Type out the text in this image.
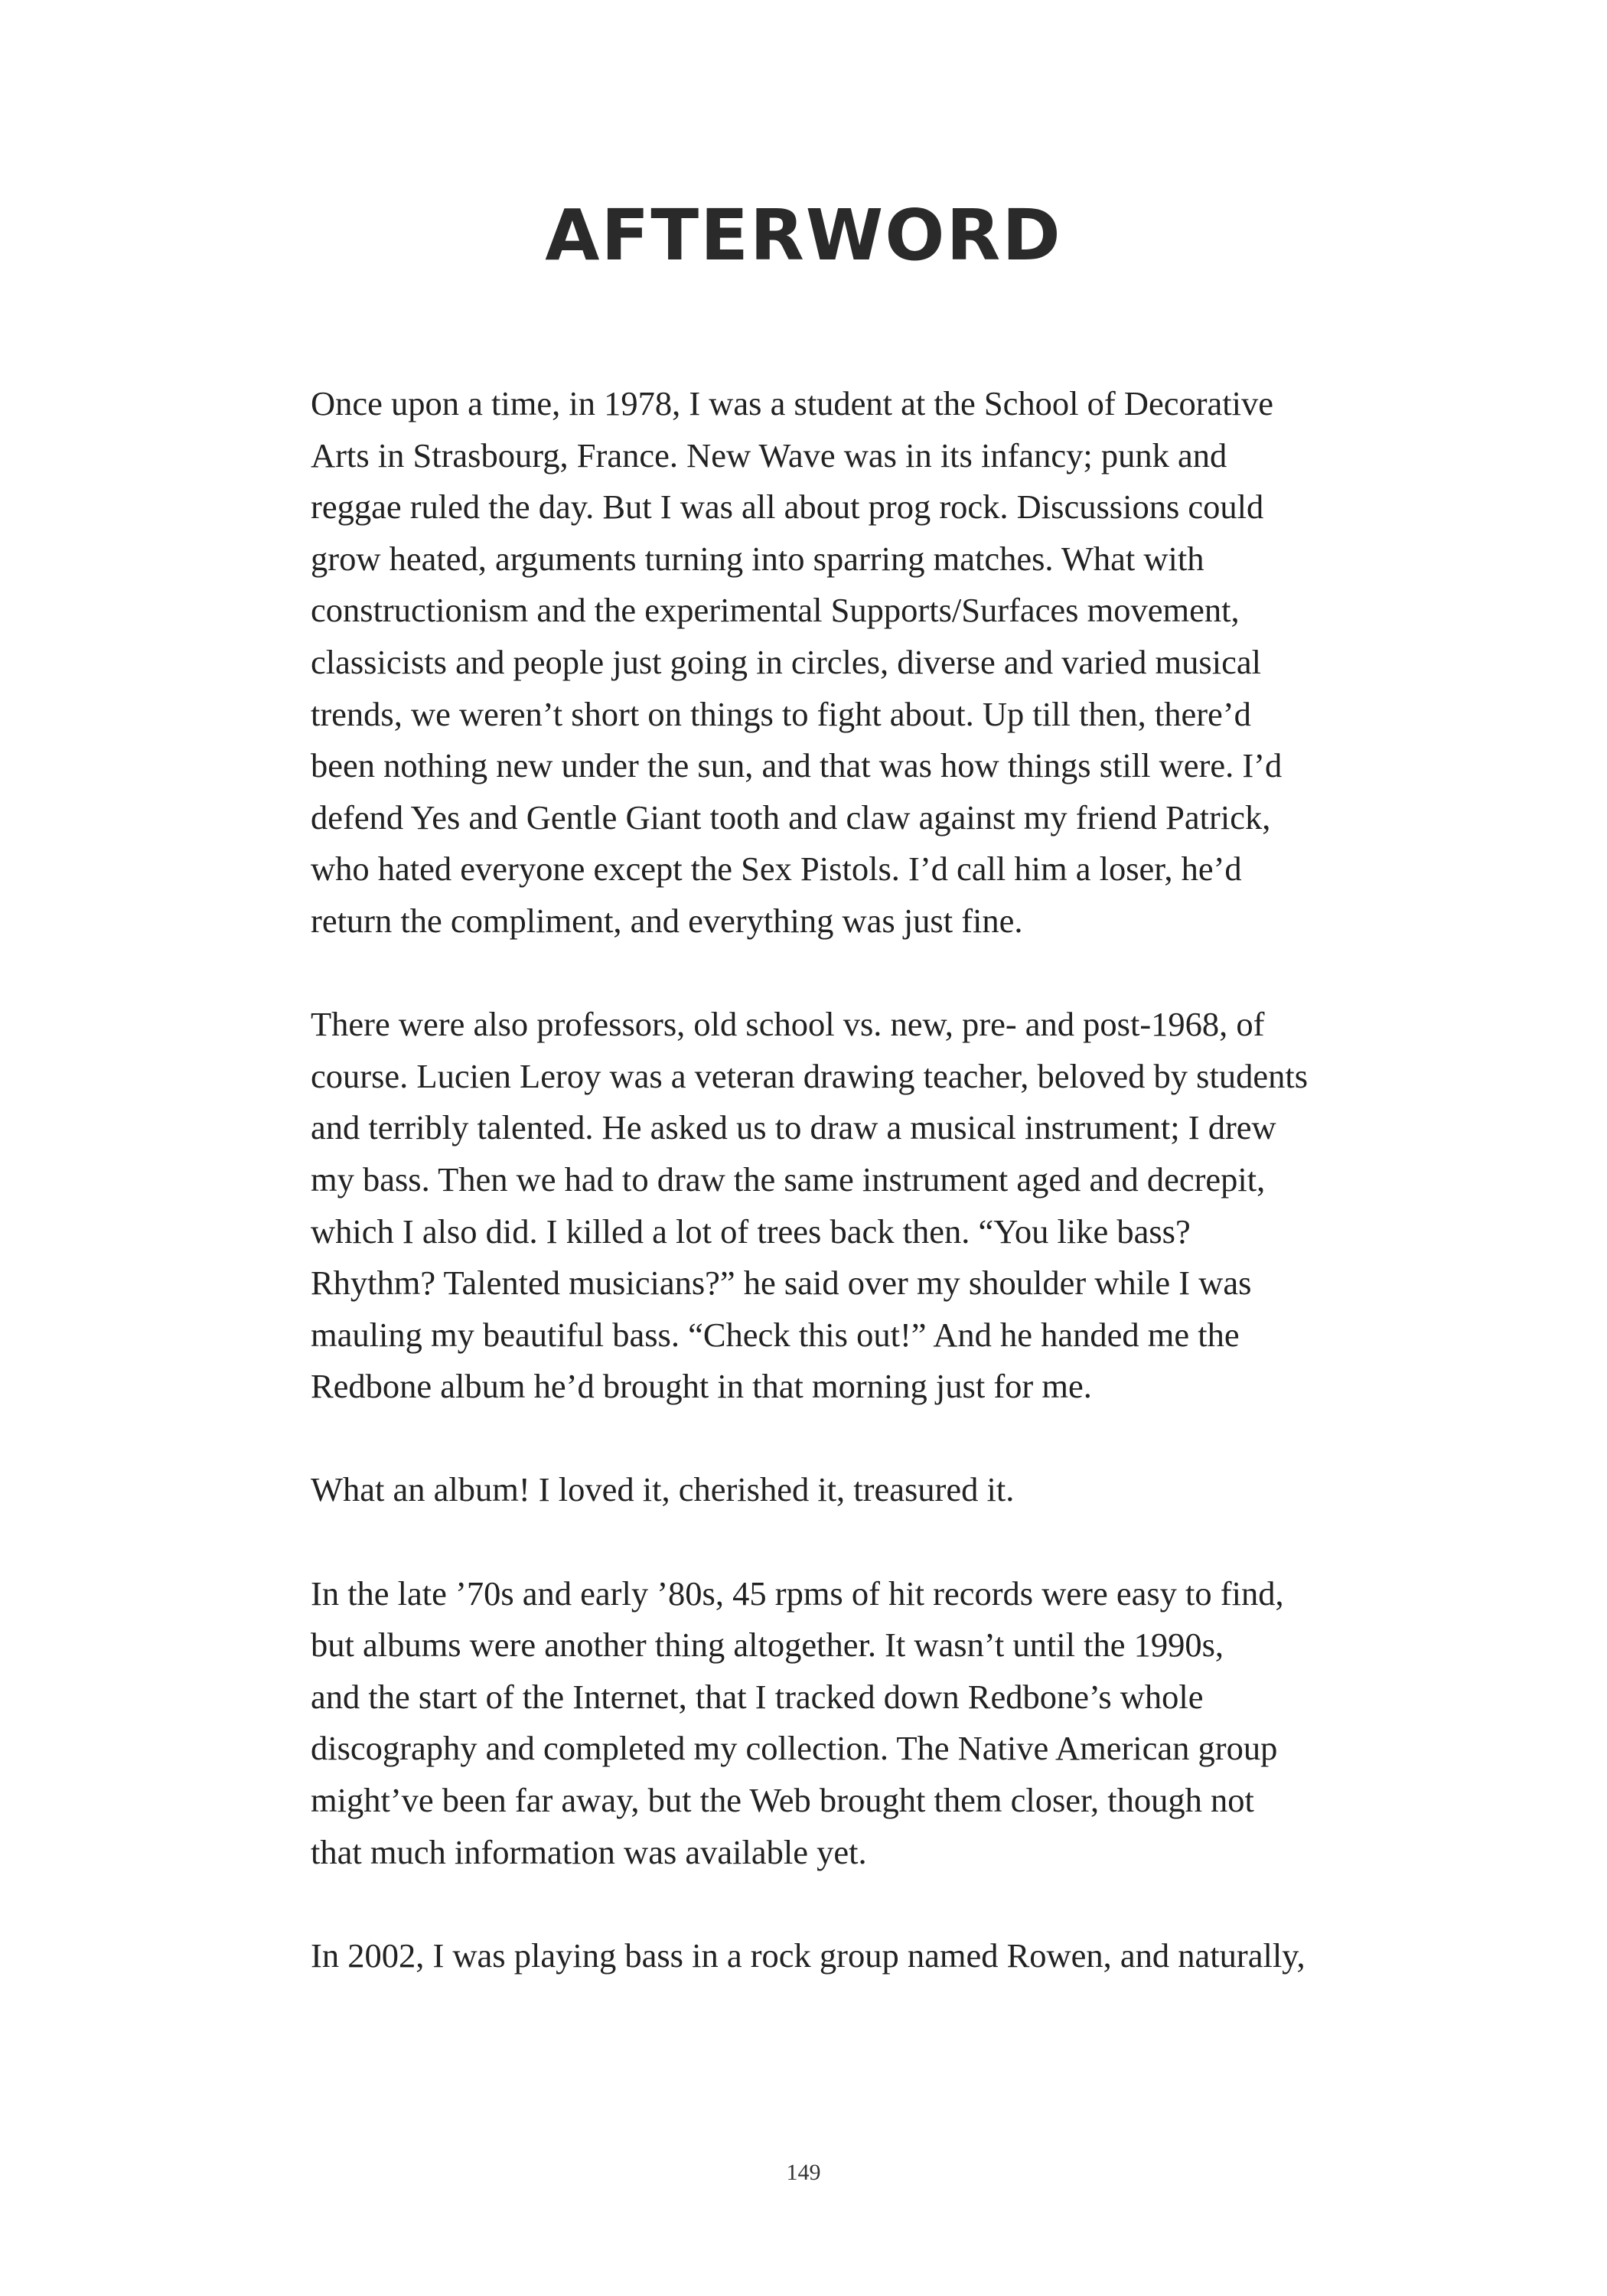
AFTERWORD
Once upon a time, in 1978, I was a student at the School of Decorative
Arts in Strasbourg, France. New Wave was in its infancy; punk and
reggae ruled the day. But I was all about prog rock. Discussions could
grow heated, arguments turning into sparring matches. What with
constructionism and the experimental Supports/Surfaces movement,
classicists and people just going in circles, diverse and varied musical
trends, we weren’t short on things to fight about. Up till then, there’d
been nothing new under the sun, and that was how things still were. I’d
defend Yes and Gentle Giant tooth and claw against my friend Patrick,
who hated everyone except the Sex Pistols. I’d call him a loser, he’d
return the compliment, and everything was just fine.
There were also professors, old school vs. new, pre- and post-1968, of
course. Lucien Leroy was a veteran drawing teacher, beloved by students
and terribly talented. He asked us to draw a musical instrument; I drew
my bass. Then we had to draw the same instrument aged and decrepit,
which I also did. I killed a lot of trees back then. “You like bass?
Rhythm? Talented musicians?” he said over my shoulder while I was
mauling my beautiful bass. “Check this out!” And he handed me the
Redbone album he’d brought in that morning just for me.
What an album! I loved it, cherished it, treasured it.
In the late ’70s and early ’80s, 45 rpms of hit records were easy to find,
but albums were another thing altogether. It wasn’t until the 1990s,
and the start of the Internet, that I tracked down Redbone’s whole
discography and completed my collection. The Native American group
might’ve been far away, but the Web brought them closer, though not
that much information was available yet.
In 2002, I was playing bass in a rock group named Rowen, and naturally,
149
